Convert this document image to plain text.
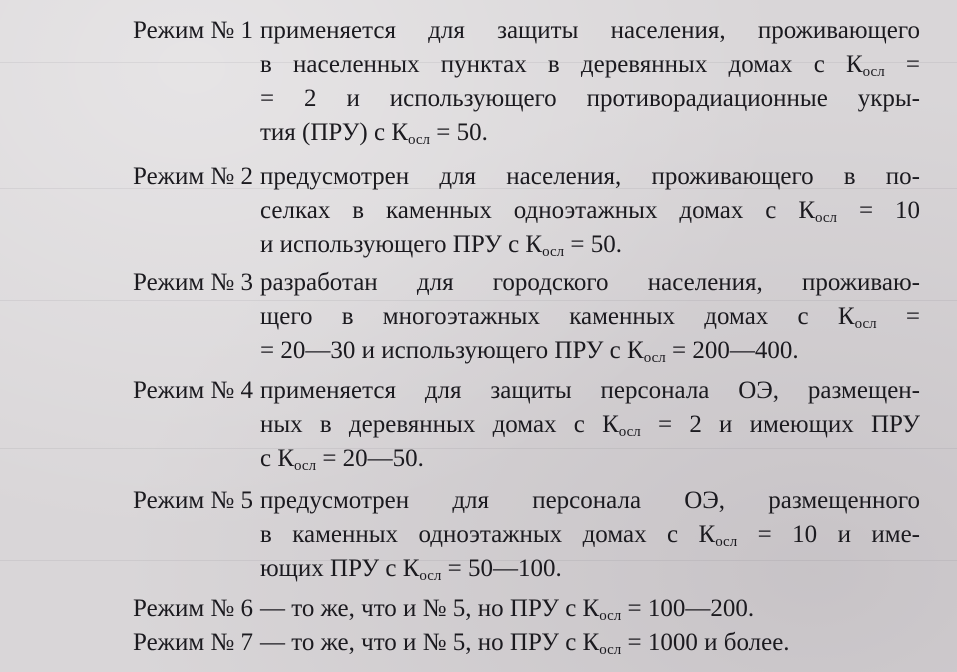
Режим № 1 применяется для защиты населения, проживающего
в населенных пунктах в деревянных домах с $К_{осл}$ =
= 2 и использующего противорадиационные укры-
тия (ПРУ) с $К_{осл} = 50$.
Режим № 2 предусмотрен для населения, проживающего в по-
селках в каменных одноэтажных домах с $К_{осл} = 10$
и использующего ПРУ с $К_{осл} = 50$.
Режим № 3 разработан для городского населения, проживаю-
щего в многоэтажных каменных домах с $К_{осл}$ =
= 20—30 и использующего ПРУ с $К_{осл}$ = 200—400.
Режим № 4 применяется для защиты персонала ОЭ, размещен-
ных в деревянных домах с $К_{осл} = 2$ и имеющих ПРУ
с $К_{осл}$ = 20—50.
Режим № 5 предусмотрен для персонала ОЭ, размещенного
в каменных одноэтажных домах с $К_{осл} = 10$ и име-
ющих ПРУ с $К_{осл}$ = 50—100.
Режим № 6 — то же, что и № 5, но ПРУ с $К_{осл}$ = 100—200.
Режим № 7 — то же, что и № 5, но ПРУ с $К_{осл} = 1000$ и более.
